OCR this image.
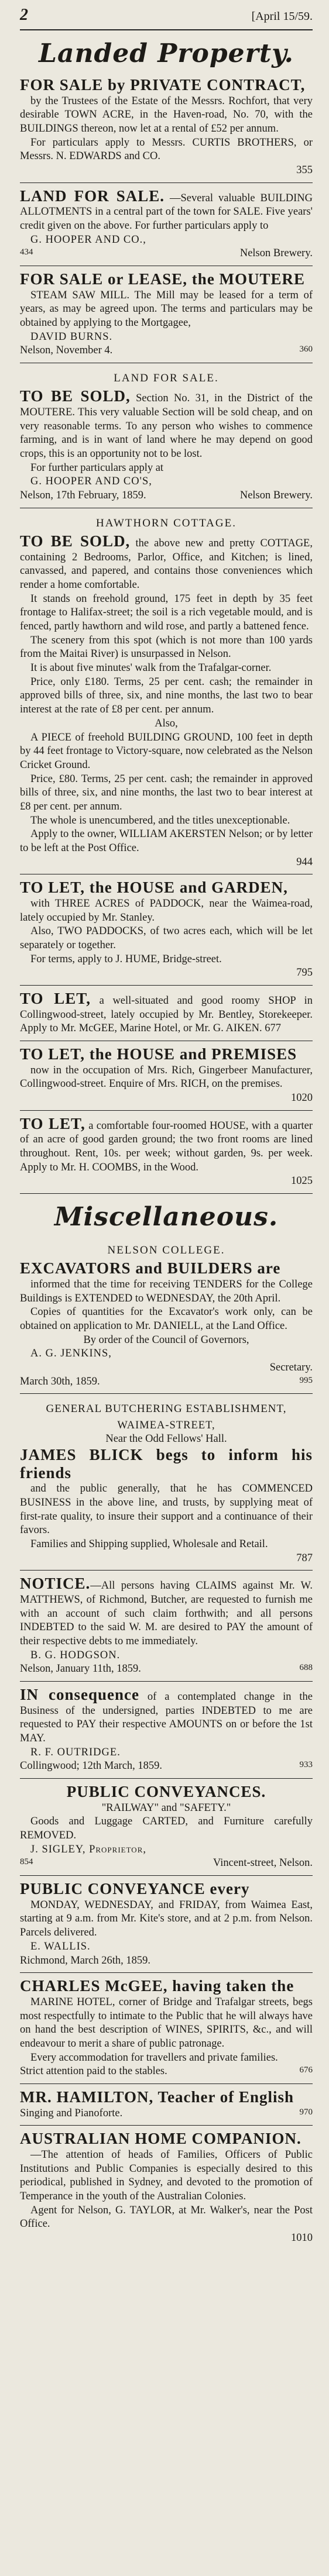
2	[April 15/59.
Landed Property.

FOR SALE by PRIVATE CONTRACT,

by the Trustees of the Estate of the Messrs. Rochfort, that very desirable TOWN ACRE, in the Haven-road, No. 70, with the BUILDINGS thereon, now let at a rental of £52 per annum.

For particulars apply to Messrs. CURTIS BROTHERS, or Messrs. N. EDWARDS and CO.

355

LAND FOR SALE. —Several valuable BUILDING ALLOTMENTS in a central part of the town for SALE. Five years' credit given on the above. For further particulars apply to

G. HOOPER AND CO.,

434	Nelson Brewery.

FOR SALE or LEASE, the MOUTERE

STEAM SAW MILL. The Mill may be leased for a term of years, as may be agreed upon. The terms and particulars may be obtained by applying to the Mortgagee,

DAVID BURNS.

Nelson, November 4.	360
LAND FOR SALE.

TO BE SOLD, Section No. 31, in the District of the MOUTERE. This very valuable Section will be sold cheap, and on very reasonable terms. To any person who wishes to commence farming, and is in want of land where he may depend on good crops, this is an opportunity not to be lost.

For further particulars apply at

G. HOOPER AND CO'S,

Nelson, 17th February, 1859.	Nelson Brewery.
HAWTHORN COTTAGE.

TO BE SOLD, the above new and pretty COTTAGE, containing 2 Bedrooms, Parlor, Office, and Kitchen; is lined, canvassed, and papered, and contains those conveniences which render a home comfortable.

It stands on freehold ground, 175 feet in depth by 35 feet frontage to Halifax-street; the soil is a rich vegetable mould, and is fenced, partly hawthorn and wild rose, and partly a battened fence.

The scenery from this spot (which is not more than 100 yards from the Maitai River) is unsurpassed in Nelson.

It is about five minutes' walk from the Trafalgar-corner.

Price, only £180. Terms, 25 per cent. cash; the remainder in approved bills of three, six, and nine months, the last two to bear interest at the rate of £8 per cent. per annum.

Also,

A PIECE of freehold BUILDING GROUND, 100 feet in depth by 44 feet frontage to Victory-square, now celebrated as the Nelson Cricket Ground.

Price, £80. Terms, 25 per cent. cash; the remainder in approved bills of three, six, and nine months, the last two to bear interest at £8 per cent. per annum.

The whole is unencumbered, and the titles unexceptionable.

Apply to the owner, WILLIAM AKERSTEN Nelson; or by letter to be left at the Post Office.

944

TO LET, the HOUSE and GARDEN,

with THREE ACRES of PADDOCK, near the Waimea-road, lately occupied by Mr. Stanley.

Also, TWO PADDOCKS, of two acres each, which will be let separately or together.

For terms, apply to J. HUME, Bridge-street.

795

TO LET, a well-situated and good roomy SHOP in Collingwood-street, lately occupied by Mr. Bentley, Storekeeper. Apply to Mr. McGEE, Marine Hotel, or Mr. G. AIKEN. 677

TO LET, the HOUSE and PREMISES

now in the occupation of Mrs. Rich, Gingerbeer Manufacturer, Collingwood-street. Enquire of Mrs. RICH, on the premises.

1020

TO LET, a comfortable four-roomed HOUSE, with a quarter of an acre of good garden ground; the two front rooms are lined throughout. Rent, 10s. per week; without garden, 9s. per week. Apply to Mr. H. COOMBS, in the Wood.

1025

Miscellaneous.
NELSON COLLEGE.

EXCAVATORS and BUILDERS are

informed that the time for receiving TENDERS for the College Buildings is EXTENDED to WEDNESDAY, the 20th April.

Copies of quantities for the Excavator's work only, can be obtained on application to Mr. DANIELL, at the Land Office.

By order of the Council of Governors,

A. G. JENKINS,

Secretary.

March 30th, 1859.	995
GENERAL BUTCHERING ESTABLISHMENT,

WAIMEA-STREET,

Near the Odd Fellows' Hall.

JAMES BLICK begs to inform his friends

and the public generally, that he has COMMENCED BUSINESS in the above line, and trusts, by supplying meat of first-rate quality, to insure their support and a continuance of their favors.

Families and Shipping supplied, Wholesale and Retail.

787

NOTICE.—All persons having CLAIMS against Mr. W. MATTHEWS, of Richmond, Butcher, are requested to furnish me with an account of such claim forthwith; and all persons INDEBTED to the said W. M. are desired to PAY the amount of their respective debts to me immediately.

B. G. HODGSON.

Nelson, January 11th, 1859.	688

IN consequence of a contemplated change in the Business of the undersigned, parties INDEBTED to me are requested to PAY their respective AMOUNTS on or before the 1st MAY.

R. F. OUTRIDGE.

Collingwood; 12th March, 1859.	933

PUBLIC CONVEYANCES.

"RAILWAY" and "SAFETY."

Goods and Luggage CARTED, and Furniture carefully REMOVED.

J. SIGLEY, Proprietor,

854	Vincent-street, Nelson.

PUBLIC CONVEYANCE every

MONDAY, WEDNESDAY, and FRIDAY, from Waimea East, starting at 9 a.m. from Mr. Kite's store, and at 2 p.m. from Nelson. Parcels delivered.

E. WALLIS.

Richmond, March 26th, 1859.

CHARLES McGEE, having taken the

MARINE HOTEL, corner of Bridge and Trafalgar streets, begs most respectfully to intimate to the Public that he will always have on hand the best description of WINES, SPIRITS, &c., and will endeavour to merit a share of public patronage.

Every accommodation for travellers and private families.

Strict attention paid to the stables.	676

MR. HAMILTON, Teacher of English

Singing and Pianoforte.	970

AUSTRALIAN HOME COMPANION.

—The attention of heads of Families, Officers of Public Institutions and Public Companies is especially desired to this periodical, published in Sydney, and devoted to the promotion of Temperance in the youth of the Australian Colonies.

Agent for Nelson, G. TAYLOR, at Mr. Walker's, near the Post Office.

1010
